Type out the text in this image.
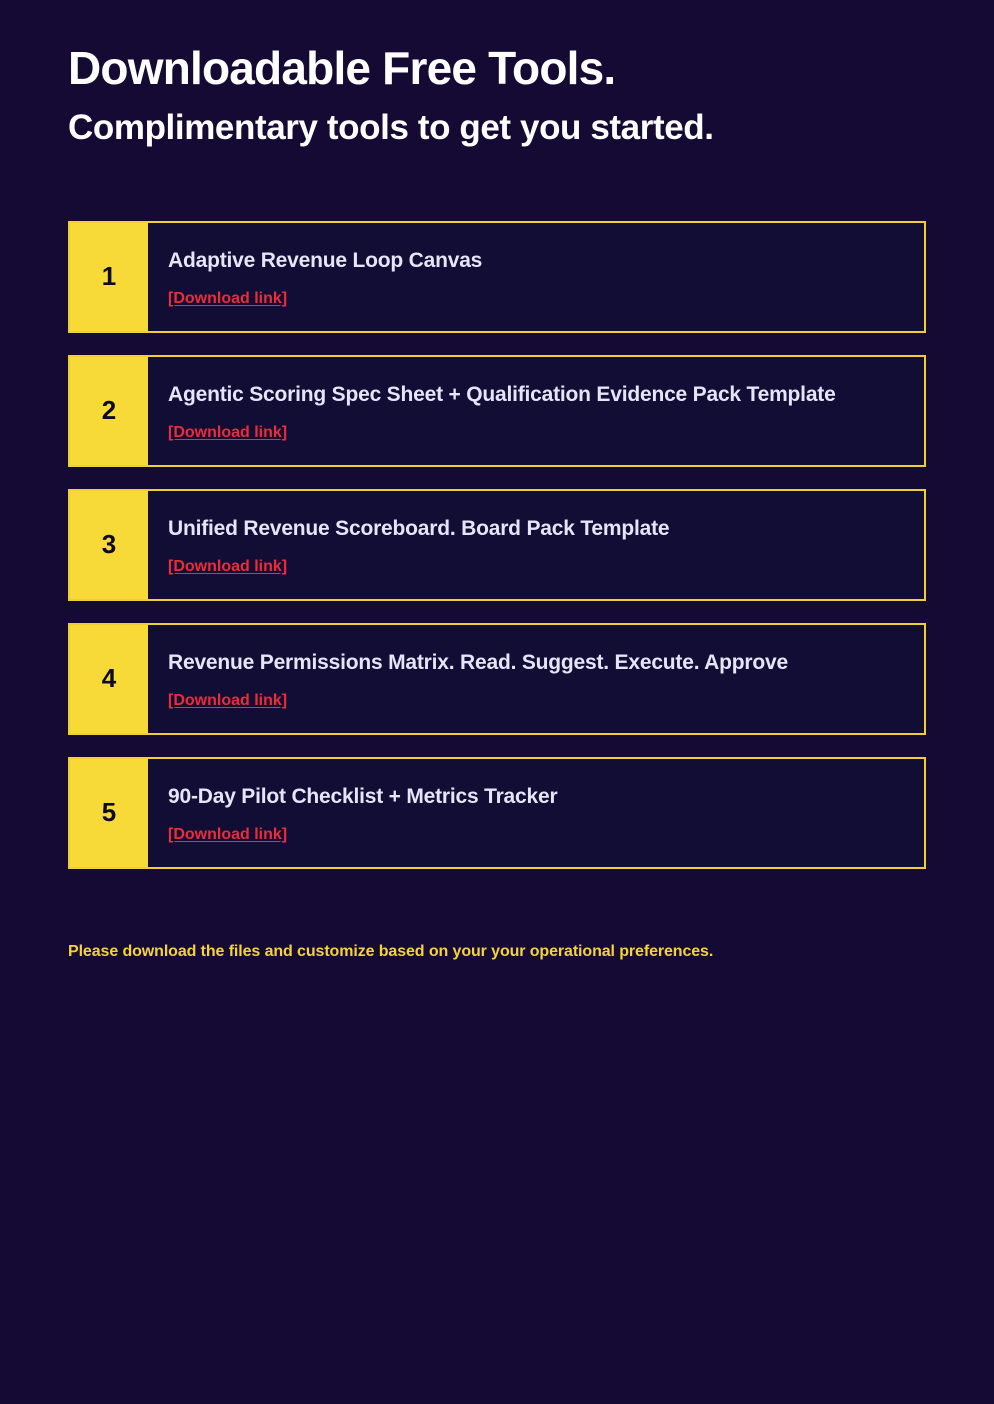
Downloadable Free Tools.
Complimentary tools to get you started.
1
Adaptive Revenue Loop Canvas
[Download link]
2
Agentic Scoring Spec Sheet + Qualification Evidence Pack Template
[Download link]
3
Unified Revenue Scoreboard. Board Pack Template
[Download link]
4
Revenue Permissions Matrix. Read. Suggest. Execute. Approve
[Download link]
5
90-Day Pilot Checklist + Metrics Tracker
[Download link]
Please download the files and customize based on your your operational preferences.
